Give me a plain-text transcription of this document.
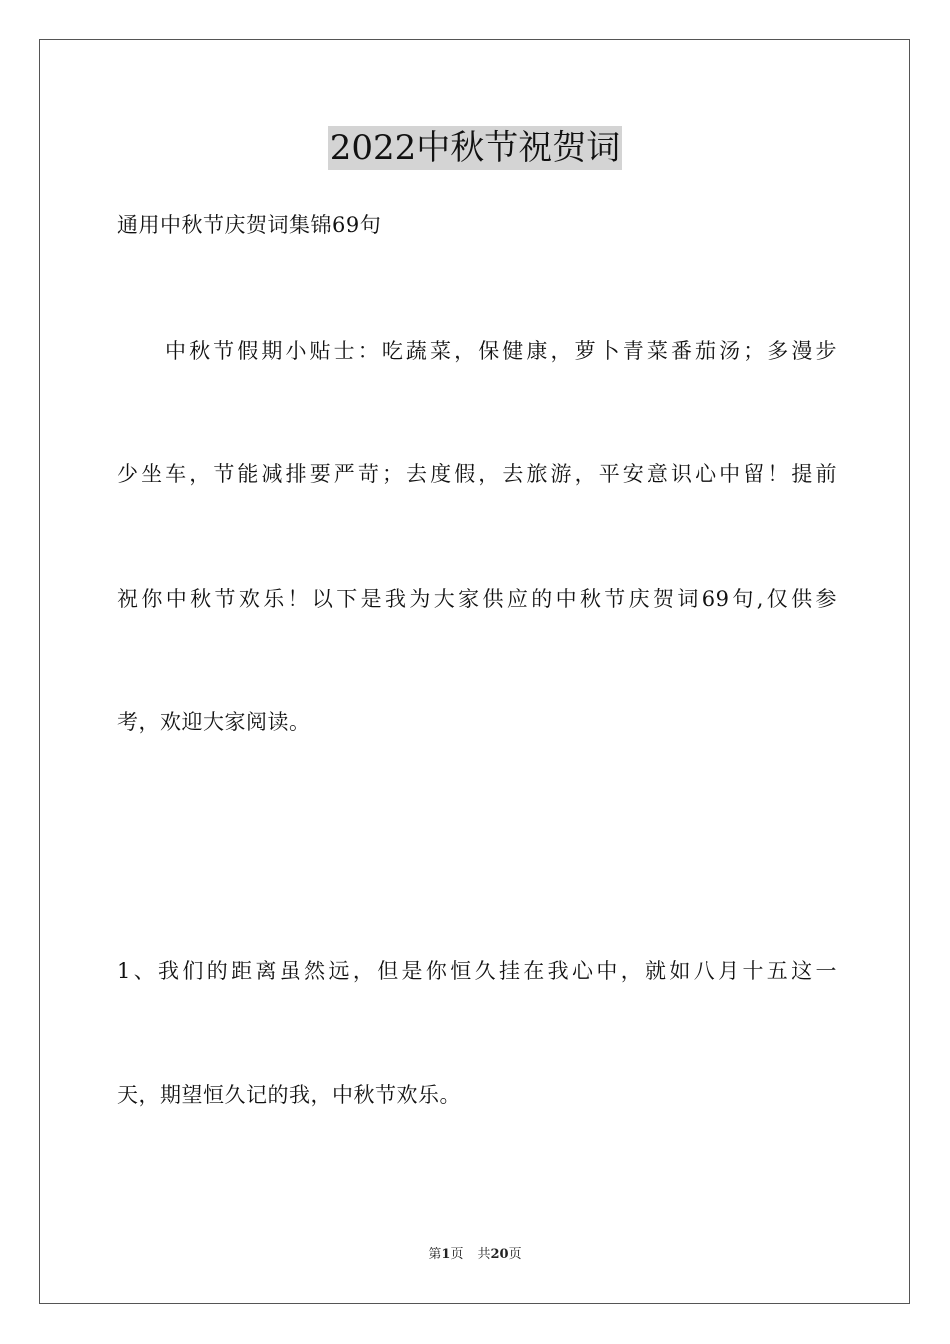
2022中秋节祝贺词
通用中秋节庆贺词集锦69句
中秋节假期小贴士：吃蔬菜，保健康，萝卜青菜番茄汤；多漫步
少坐车，节能减排要严苛；去度假，去旅游，平安意识心中留！提前
祝你中秋节欢乐！以下是我为大家供应的中秋节庆贺词69句,仅供参
考，欢迎大家阅读。
1、我们的距离虽然远，但是你恒久挂在我心中，就如八月十五这一
天，期望恒久记的我，中秋节欢乐。
第1页 共20页
